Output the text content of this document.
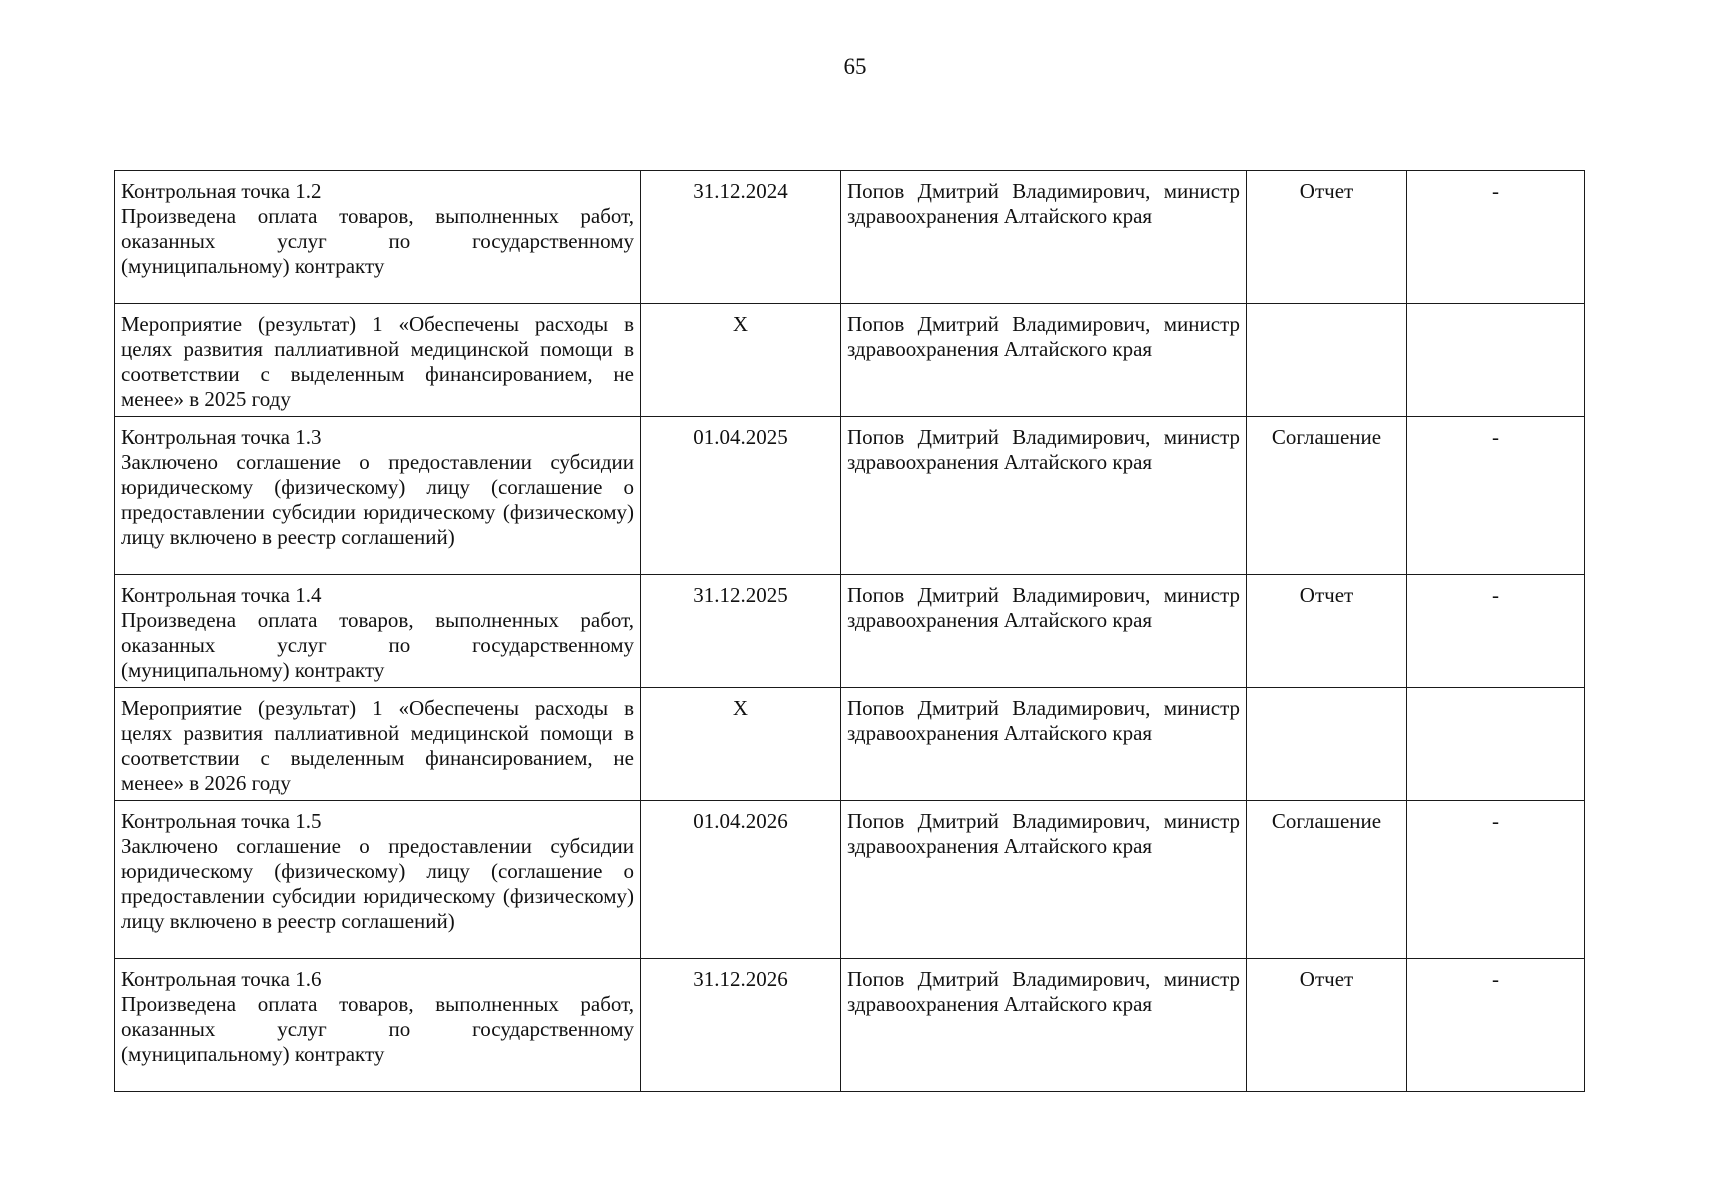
65
Контрольная точка 1.2
Произведена оплата товаров, выполненных работ, оказанных услуг по государственному (муниципальному) контракту	31.12.2024	Попов Дмитрий Владимирович, министр здравоохранения Алтайского края	Отчет	-

Мероприятие (результат) 1 «Обеспечены расходы в целях развития паллиативной медицинской помощи в соответствии с выделенным финансированием, не менее» в 2025 году	X	Попов Дмитрий Владимирович, министр здравоохранения Алтайского края		

Контрольная точка 1.3
Заключено соглашение о предоставлении субсидии юридическому (физическому) лицу (соглашение о предоставлении субсидии юридическому (физическому) лицу включено в реестр соглашений)	01.04.2025	Попов Дмитрий Владимирович, министр здравоохранения Алтайского края	Соглашение	-

Контрольная точка 1.4
Произведена оплата товаров, выполненных работ, оказанных услуг по государственному (муниципальному) контракту	31.12.2025	Попов Дмитрий Владимирович, министр здравоохранения Алтайского края	Отчет	-

Мероприятие (результат) 1 «Обеспечены расходы в целях развития паллиативной медицинской помощи в соответствии с выделенным финансированием, не менее» в 2026 году	X	Попов Дмитрий Владимирович, министр здравоохранения Алтайского края		

Контрольная точка 1.5
Заключено соглашение о предоставлении субсидии юридическому (физическому) лицу (соглашение о предоставлении субсидии юридическому (физическому) лицу включено в реестр соглашений)	01.04.2026	Попов Дмитрий Владимирович, министр здравоохранения Алтайского края	Соглашение	-

Контрольная точка 1.6
Произведена оплата товаров, выполненных работ, оказанных услуг по государственному (муниципальному) контракту	31.12.2026	Попов Дмитрий Владимирович, министр здравоохранения Алтайского края	Отчет	-
